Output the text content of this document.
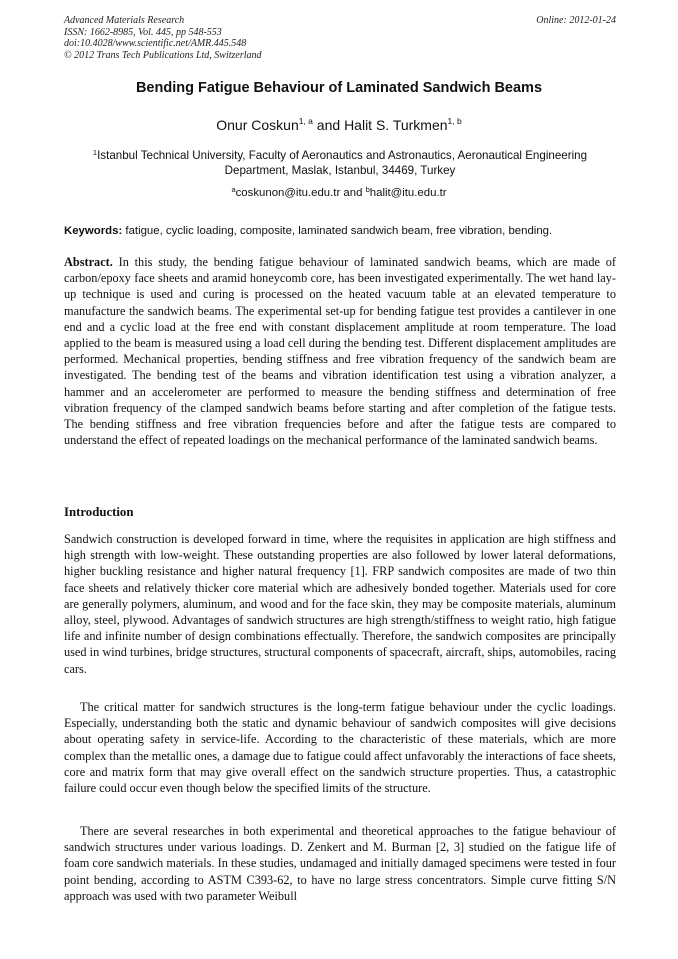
Advanced Materials Research
ISSN: 1662-8985, Vol. 445, pp 548-553
doi:10.4028/www.scientific.net/AMR.445.548
© 2012 Trans Tech Publications Ltd, Switzerland
Online: 2012-01-24
Bending Fatigue Behaviour of Laminated Sandwich Beams
Onur Coskun$^{1, a}$ and Halit S. Turkmen$^{1, b}$
$^1$Istanbul Technical University, Faculty of Aeronautics and Astronautics, Aeronautical Engineering Department, Maslak, Istanbul, 34469, Turkey
$^a$coskunon@itu.edu.tr and $^b$halit@itu.edu.tr
Keywords: fatigue, cyclic loading, composite, laminated sandwich beam, free vibration, bending.
Abstract. In this study, the bending fatigue behaviour of laminated sandwich beams, which are made of carbon/epoxy face sheets and aramid honeycomb core, has been investigated experimentally. The wet hand lay-up technique is used and curing is processed on the heated vacuum table at an elevated temperature to manufacture the sandwich beams. The experimental set-up for bending fatigue test provides a cantilever in one end and a cyclic load at the free end with constant displacement amplitude at room temperature. The load applied to the beam is measured using a load cell during the bending test. Different displacement amplitudes are performed. Mechanical properties, bending stiffness and free vibration frequency of the sandwich beam are investigated. The bending test of the beams and vibration identification test using a vibration analyzer, a hammer and an accelerometer are performed to measure the bending stiffness and determination of free vibration frequency of the clamped sandwich beams before starting and after completion of the fatigue tests. The bending stiffness and free vibration frequencies before and after the fatigue tests are compared to understand the effect of repeated loadings on the mechanical performance of the laminated sandwich beams.
Introduction
Sandwich construction is developed forward in time, where the requisites in application are high stiffness and high strength with low-weight. These outstanding properties are also followed by lower lateral deformations, higher buckling resistance and higher natural frequency [1]. FRP sandwich composites are made of two thin face sheets and relatively thicker core material which are adhesively bonded together. Materials used for core are generally polymers, aluminum, and wood and for the face skin, they may be composite materials, aluminum alloy, steel, plywood. Advantages of sandwich structures are high strength/stiffness to weight ratio, high fatigue life and infinite number of design combinations effectually. Therefore, the sandwich composites are principally used in wind turbines, bridge structures, structural components of spacecraft, aircraft, ships, automobiles, racing cars.
The critical matter for sandwich structures is the long-term fatigue behaviour under the cyclic loadings. Especially, understanding both the static and dynamic behaviour of sandwich composites will give decisions about operating safety in service-life. According to the characteristic of these materials, which are more complex than the metallic ones, a damage due to fatigue could affect unfavorably the interactions of face sheets, core and matrix form that may give overall effect on the sandwich structure properties. Thus, a catastrophic failure could occur even though below the specified limits of the structure.
There are several researches in both experimental and theoretical approaches to the fatigue behaviour of sandwich structures under various loadings. D. Zenkert and M. Burman [2, 3] studied on the fatigue life of foam core sandwich materials. In these studies, undamaged and initially damaged specimens were tested in four point bending, according to ASTM C393-62, to have no large stress concentrators. Simple curve fitting S/N approach was used with two parameter Weibull
